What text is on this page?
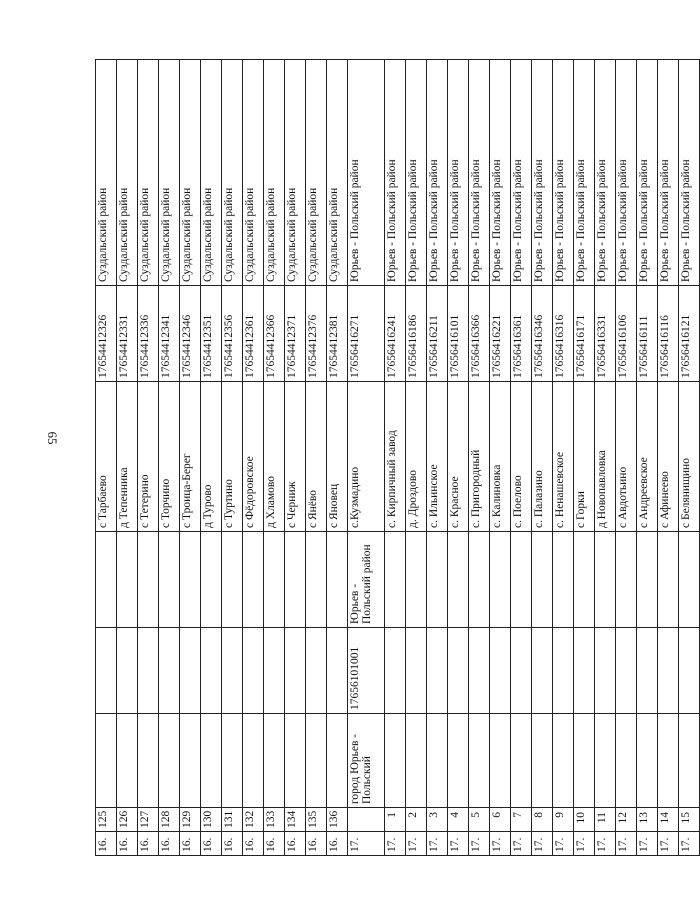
65
16.	125				с Тарбаево	17654412326	Суздальский район
16.	126				д Тепенника	17654412331	Суздальский район
16.	127				с Тетерино	17654412336	Суздальский район
16.	128				с Торчино	17654412341	Суздальский район
16.	129				с Троица-Берег	17654412346	Суздальский район
16.	130				д Турово	17654412351	Суздальский район
16.	131				с Туртино	17654412356	Суздальский район
16.	132				с Фёдоровское	17654412361	Суздальский район
16.	133				д Хламово	17654412366	Суздальский район
16.	134				с Черниж	17654412371	Суздальский район
16.	135				с Янёво	17654412376	Суздальский район
16.	136				с Яновец	17654412381	Суздальский район
17.		город Юрьев - Польский	17656101001	Юрьев - Польский район	с.Кузмадино	17656416271	Юрьев - Польский район
17.	1				с. Кирпичный завод	17656416241	Юрьев - Польский район
17.	2				д. Дроздово	17656416186	Юрьев - Польский район
17.	3				с. Ильинское	17656416211	Юрьев - Польский район
17.	4				с. Красное	17656416101	Юрьев - Польский район
17.	5				с. Пригородный	17656416366	Юрьев - Польский район
17.	6				с. Калиновка	17656416221	Юрьев - Польский район
17.	7				с. Поелово	17656416361	Юрьев - Польский район
17.	8				с. Палазино	17656416346	Юрьев - Польский район
17.	9				с. Ненашевское	17656416316	Юрьев - Польский район
17.	10				с Горки	17656416171	Юрьев - Польский район
17.	11				д Новопавловка	17656416331	Юрьев - Польский район
17.	12				с Авдотьино	17656416106	Юрьев - Польский район
17.	13				с Андреевское	17656416111	Юрьев - Польский район
17.	14				с Афинеево	17656416116	Юрьев - Польский район
17.	15				с Белянищино	17656416121	Юрьев - Польский район
